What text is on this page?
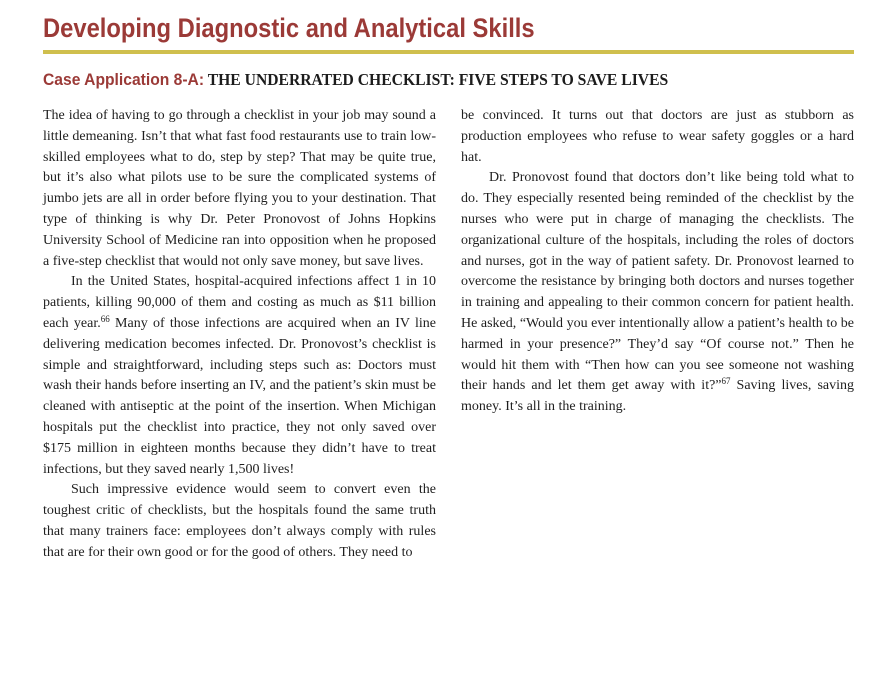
Developing Diagnostic and Analytical Skills
Case Application 8-A: THE UNDERRATED CHECKLIST: FIVE STEPS TO SAVE LIVES

The idea of having to go through a checklist in your job may sound a little demeaning. Isn’t that what fast food restaurants use to train low-skilled employees what to do, step by step? That may be quite true, but it’s also what pilots use to be sure the complicated systems of jumbo jets are all in order before flying you to your destination. That type of thinking is why Dr. Peter Pronovost of Johns Hopkins University School of Medicine ran into opposition when he proposed a five-step checklist that would not only save money, but save lives.

In the United States, hospital-acquired infections affect 1 in 10 patients, killing 90,000 of them and costing as much as $11 billion each year.$^{66}$ Many of those infections are acquired when an IV line delivering medication becomes infected. Dr. Pronovost’s checklist is simple and straightforward, including steps such as: Doctors must wash their hands before inserting an IV, and the patient’s skin must be cleaned with antiseptic at the point of the insertion. When Michigan hospitals put the checklist into practice, they not only saved over $175 million in eighteen months because they didn’t have to treat infections, but they saved nearly 1,500 lives!

Such impressive evidence would seem to convert even the toughest critic of checklists, but the hospitals found the same truth that many trainers face: employees don’t always comply with rules that are for their own good or for the good of others. They need to

be convinced. It turns out that doctors are just as stubborn as production employees who refuse to wear safety goggles or a hard hat.

Dr. Pronovost found that doctors don’t like being told what to do. They especially resented being reminded of the checklist by the nurses who were put in charge of managing the checklists. The organizational culture of the hospitals, including the roles of doctors and nurses, got in the way of patient safety. Dr. Pronovost learned to overcome the resistance by bringing both doctors and nurses together in training and appealing to their common concern for patient health. He asked, “Would you ever intentionally allow a patient’s health to be harmed in your presence?” They’d say “Of course not.” Then he would hit them with “Then how can you see someone not washing their hands and let them get away with it?”$^{67}$ Saving lives, saving money. It’s all in the training.
